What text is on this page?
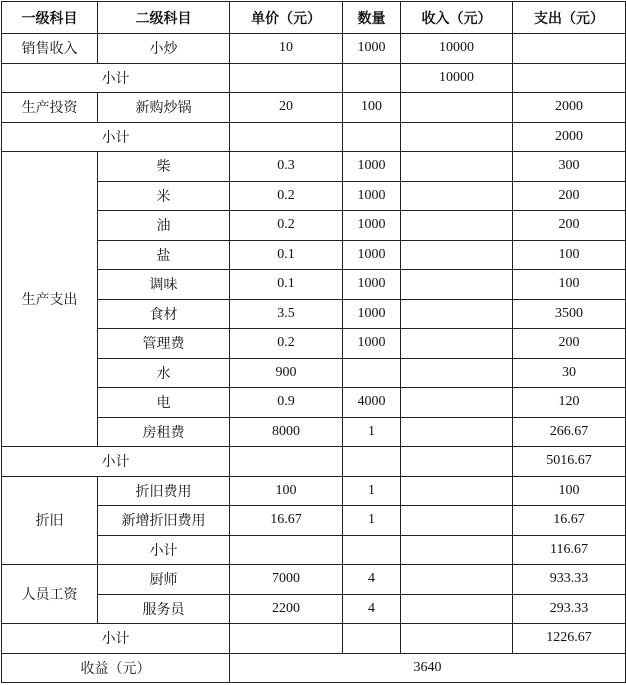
一级科目	二级科目	单价（元）	数量	收入（元）	支出（元）
销售收入	小炒	10	1000	10000	
小计				10000	
生产投资	新购炒锅	20	100		2000
小计					2000
生产支出	柴	0.3	1000		300
	米	0.2	1000		200
	油	0.2	1000		200
	盐	0.1	1000		100
	调味	0.1	1000		100
	食材	3.5	1000		3500
	管理费	0.2	1000		200
	水	900			30
	电	0.9	4000		120
	房租费	8000	1		266.67
小计					5016.67
折旧	折旧费用	100	1		100
	新增折旧费用	16.67	1		16.67
	小计				116.67
人员工资	厨师	7000	4		933.33
	服务员	2200	4		293.33
小计					1226.67
收益（元）		3640			
